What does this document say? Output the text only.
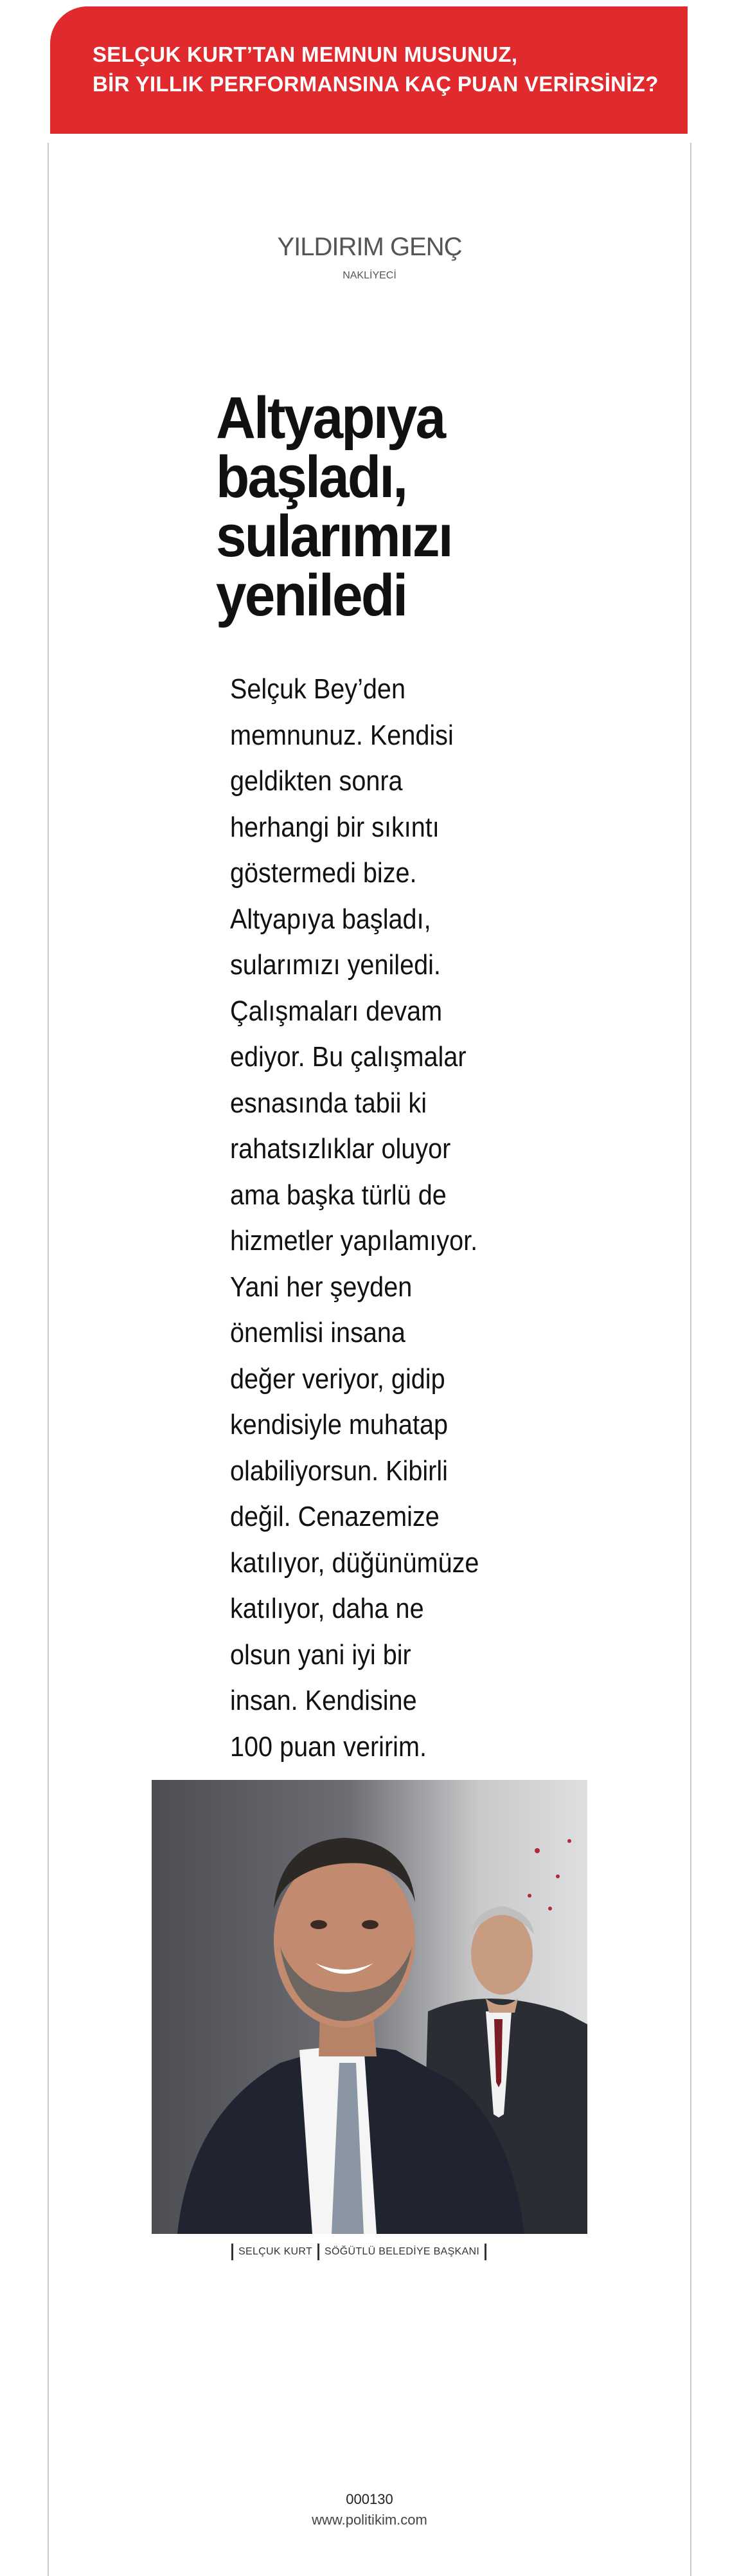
SELÇUK KURT’TAN MEMNUN MUSUNUZ,
BİR YILLIK PERFORMANSINA KAÇ PUAN VERİRSİNİZ?
YILDIRIM GENÇ
NAKLİYECİ
Altyapıya
başladı,
sularımızı
yeniledi
Selçuk Bey’den
memnunuz. Kendisi
geldikten sonra
herhangi bir sıkıntı
göstermedi bize.
Altyapıya başladı,
sularımızı yeniledi.
Çalışmaları devam
ediyor. Bu çalışmalar
esnasında tabii ki
rahatsızlıklar oluyor
ama başka türlü de
hizmetler yapılamıyor.
Yani her şeyden
önemlisi insana
değer veriyor, gidip
kendisiyle muhatap
olabiliyorsun. Kibirli
değil. Cenazemize
katılıyor, düğünümüze
katılıyor, daha ne
olsun yani iyi bir
insan. Kendisine
100 puan veririm.
SELÇUK KURT SÖĞÜTLÜ BELEDİYE BAŞKANI
000130
www.politikim.com
